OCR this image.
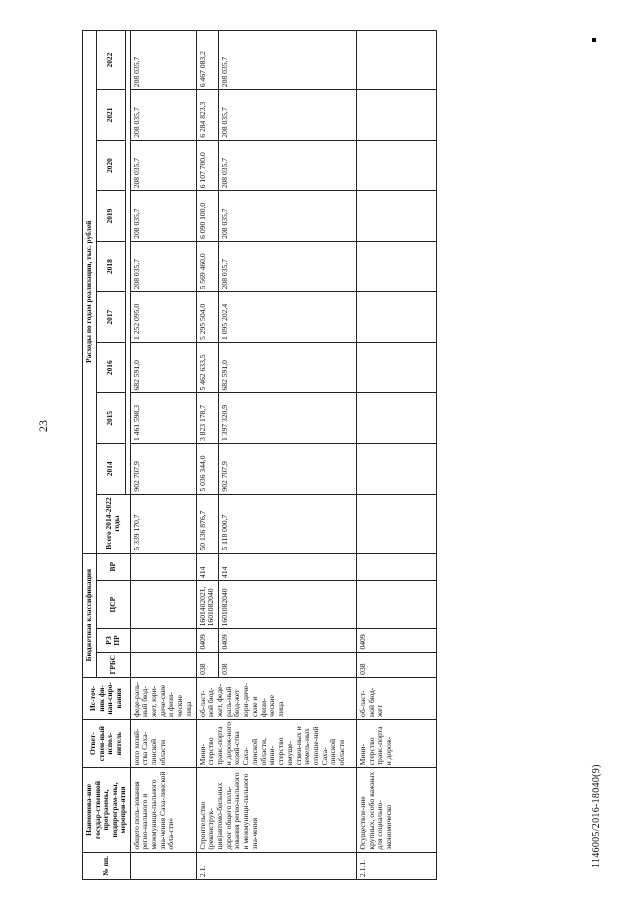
23
1146005/2016-18040(9)
№ пп.	Наименова-ние государ-ственной программы, подпрограм-мы, меропри-ятия	Ответ-ствен-ный испол-нитель	Ис-точ-ник фи-нан-сиро-вания	Бюджетная классификация				Расходы по годам реализации, тыс. рублей									
				ГРБС	РЗ ПР	ЦСР	ВР	Всего 2014-2022 годы	2014	2015	2016	2017	2018	2019	2020	2021	2022

	общего поль-зования регио-нального и межмуници-пального зна-чения Саха-линской обла-сти»	ного хозяй-ства Саха-линской области	феде-раль-ный бюд-жет, юри-диче-ские и физи-ческие лица					5 339 170,7	902 707,9	1 461 598,3	682 591,0	1 252 095,0	208 035,7	208 035,7	208 035,7	208 035,7	208 035,7
2.1.	Строительство (реконструк-ция)автомо-бильных дорог общего поль-зования регио-нального и межмуници-пального зна-чения	Мини-стерство транс-порта и дорож-ного хозяй-ства Саха-линской области, мини-стерство имуще-ствен-ных и земель-ных отноше-ний Саха-линской области	об-ласт-ной бюд-жет, феде-раль-ный бюд-жет юри-диче-ские и физи-ческие лица	038	0409	1601402021, 1601082040	414	50 136 876,7	5 036 344,0	3 823 178,7	5 462 633,5	5 295 504,0	5 569 460,0	6 090 100,0	6 107 700,0	6 284 823,3	6 467 083,2
				038	0409	1601082040	414	5 118 000,7	902 707,9	1 397 320,9	682 591,0	1 095 202,4	208 035,7	208 035,7	208 035,7	208 035,7	208 035,7
2.1.1.	Осуществле-ние крупных, особо важных для социально-экономическо	Мини-стерство транс-порта и дорож-	об-ласт-ной бюд-жет	038	0409												
